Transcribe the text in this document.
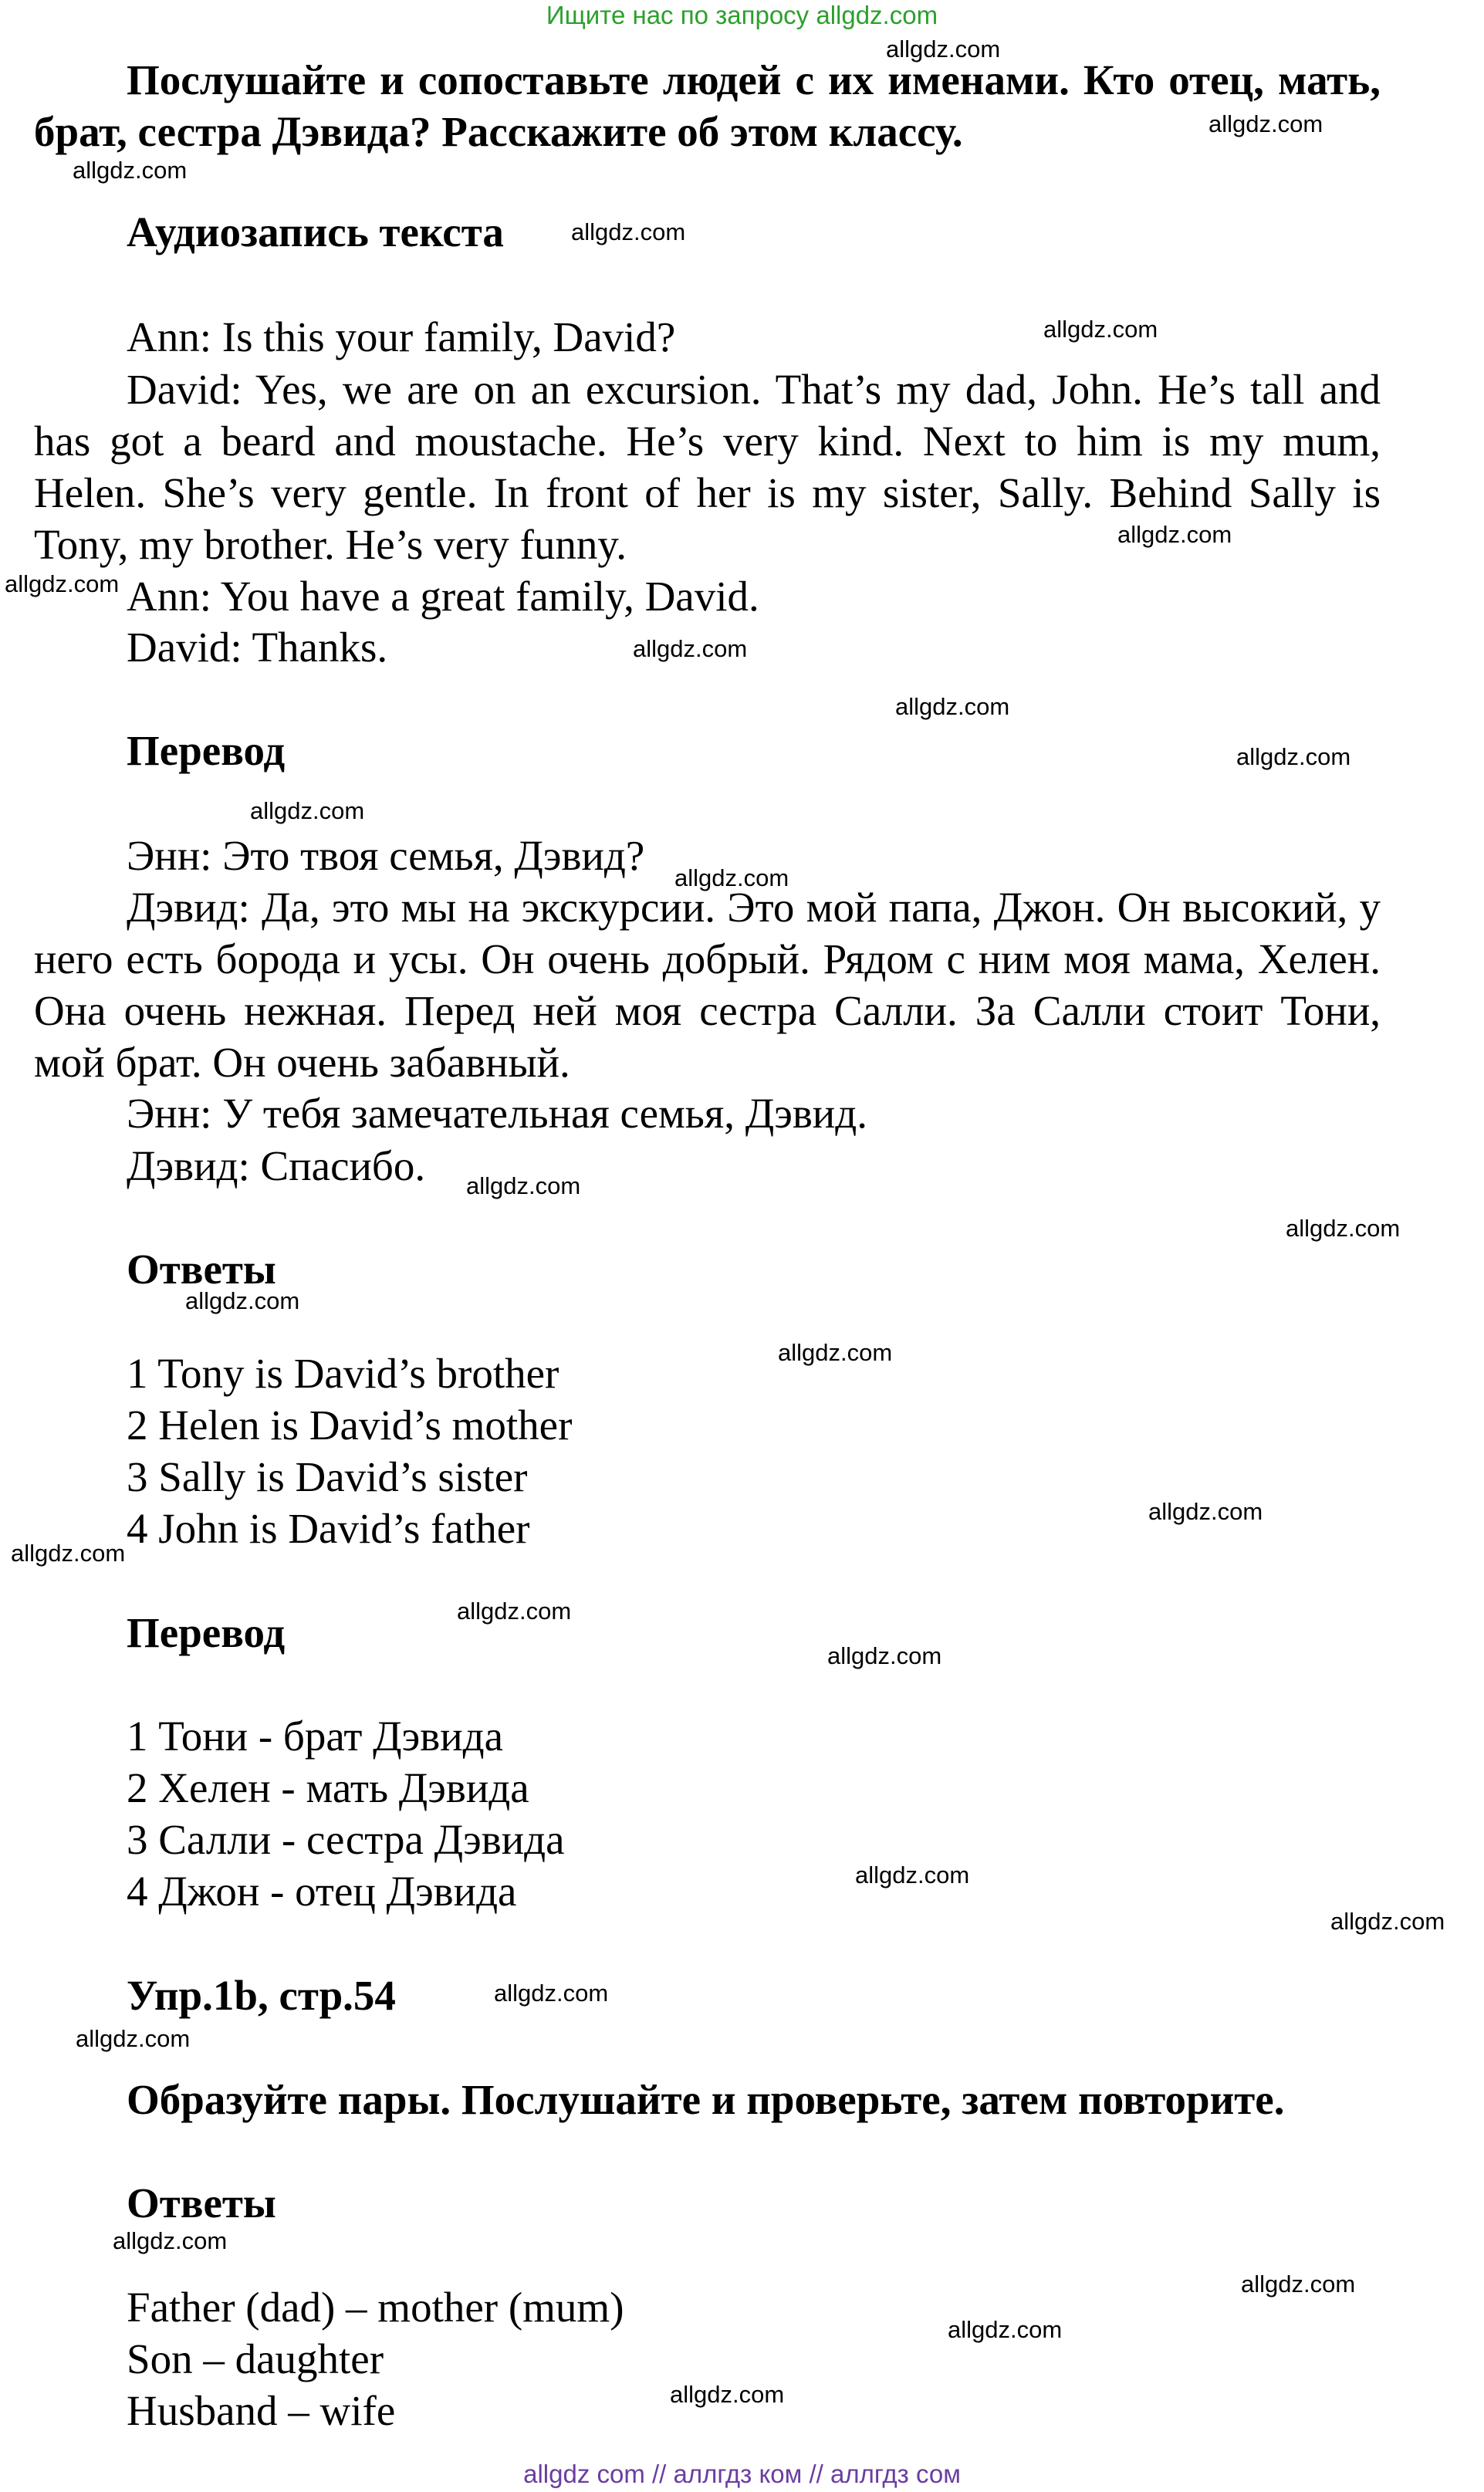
Ищите нас по запросу allgdz.com
Послушайте и сопоставьте людей с их именами. Кто отец, мать, брат, сестра Дэвида? Расскажите об этом классу.
Аудиозапись текста
Ann: Is this your family, David?
David: Yes, we are on an excursion. That’s my dad, John. He’s tall and has got a beard and moustache. He’s very kind. Next to him is my mum, Helen. She’s very gentle. In front of her is my sister, Sally. Behind Sally is Tony, my brother. He’s very funny.
Ann: You have a great family, David.
David: Thanks.
Перевод
Энн: Это твоя семья, Дэвид?
Дэвид: Да, это мы на экскурсии. Это мой папа, Джон. Он высокий, у него есть борода и усы. Он очень добрый. Рядом с ним моя мама, Хелен. Она очень нежная. Перед ней моя сестра Салли. За Салли стоит Тони, мой брат. Он очень забавный.
Энн: У тебя замечательная семья, Дэвид.
Дэвид: Спасибо.
Ответы
1 Tony is David’s brother
2 Helen is David’s mother
3 Sally is David’s sister
4 John is David’s father
Перевод
1 Тони - брат Дэвида
2 Хелен - мать Дэвида
3 Салли - сестра Дэвида
4 Джон - отец Дэвида
Упр.1b, стр.54
Образуйте пары. Послушайте и проверьте, затем повторите.
Ответы
Father (dad) – mother (mum)
Son – daughter
Husband – wife
allgdz.com
allgdz.com
allgdz.com
allgdz.com
allgdz.com
allgdz.com
allgdz.com
allgdz.com
allgdz.com
allgdz.com
allgdz.com
allgdz.com
allgdz.com
allgdz.com
allgdz.com
allgdz.com
allgdz.com
allgdz.com
allgdz.com
allgdz.com
allgdz.com
allgdz.com
allgdz.com
allgdz.com
allgdz.com
allgdz.com
allgdz.com
allgdz.com
allgdz com // аллгдз ком // аллгдз сом
